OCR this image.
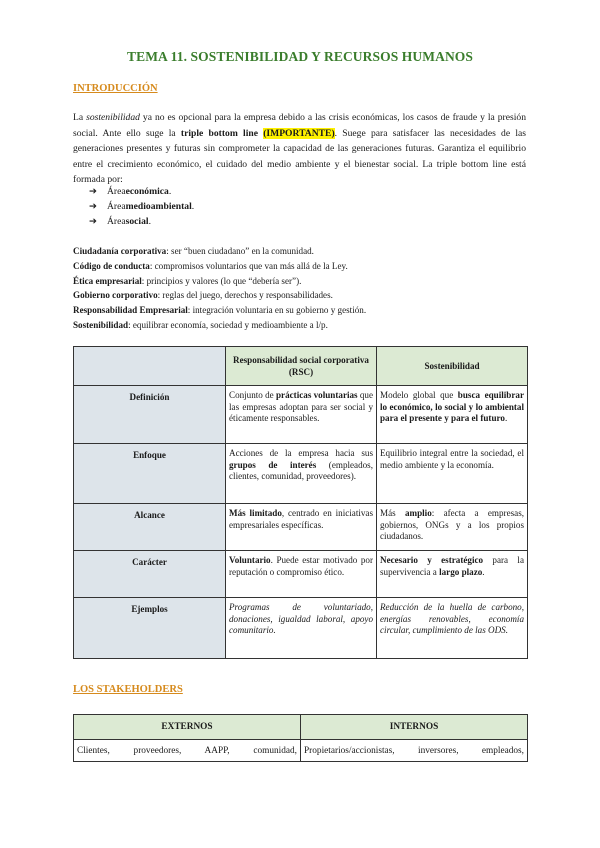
TEMA 11. SOSTENIBILIDAD Y RECURSOS HUMANOS
INTRODUCCIÓN
La sostenibilidad ya no es opcional para la empresa debido a las crisis económicas, los casos de fraude y la presión social. Ante ello suge la triple bottom line (IMPORTANTE). Suege para satisfacer las necesidades de las generaciones presentes y futuras sin comprometer la capacidad de las generaciones futuras. Garantiza el equilibrio entre el crecimiento económico, el cuidado del medio ambiente y el bienestar social. La triple bottom line está formada por:
➔	Área económica .
➔	Área medioambiental .
➔	Área social .
Ciudadanía corporativa: ser “buen ciudadano” en la comunidad.
Código de conducta: compromisos voluntarios que van más allá de la Ley.
Ética empresarial: principios y valores (lo que “debería ser”).
Gobierno corporativo: reglas del juego, derechos y responsabilidades.
Responsabilidad Empresarial: integración voluntaria en su gobierno y gestión.
Sostenibilidad: equilibrar economía, sociedad y medioambiente a l/p.
	Responsabilidad social corporativa (RSC)	Sostenibilidad
Definición	Conjunto de prácticas voluntarias que las empresas adoptan para ser social y éticamente responsables.	Modelo global que busca equilibrar lo económico, lo social y lo ambiental para el presente y para el futuro.
Enfoque	Acciones de la empresa hacia sus grupos de interés (empleados, clientes, comunidad, proveedores).	Equilibrio integral entre la sociedad, el medio ambiente y la economía.
Alcance	Más limitado, centrado en iniciativas empresariales específicas.	Más amplio: afecta a empresas, gobiernos, ONGs y a los propios ciudadanos.
Carácter	Voluntario. Puede estar motivado por reputación o compromiso ético.	Necesario y estratégico para la supervivencia a largo plazo.
Ejemplos	Programas de voluntariado, donaciones, igualdad laboral, apoyo comunitario.	Reducción de la huella de carbono, energías renovables, economía circular, cumplimiento de las ODS.
LOS STAKEHOLDERS
EXTERNOS	INTERNOS
Clientes, proveedores, AAPP, comunidad,	Propietarios/accionistas, inversores, empleados,
